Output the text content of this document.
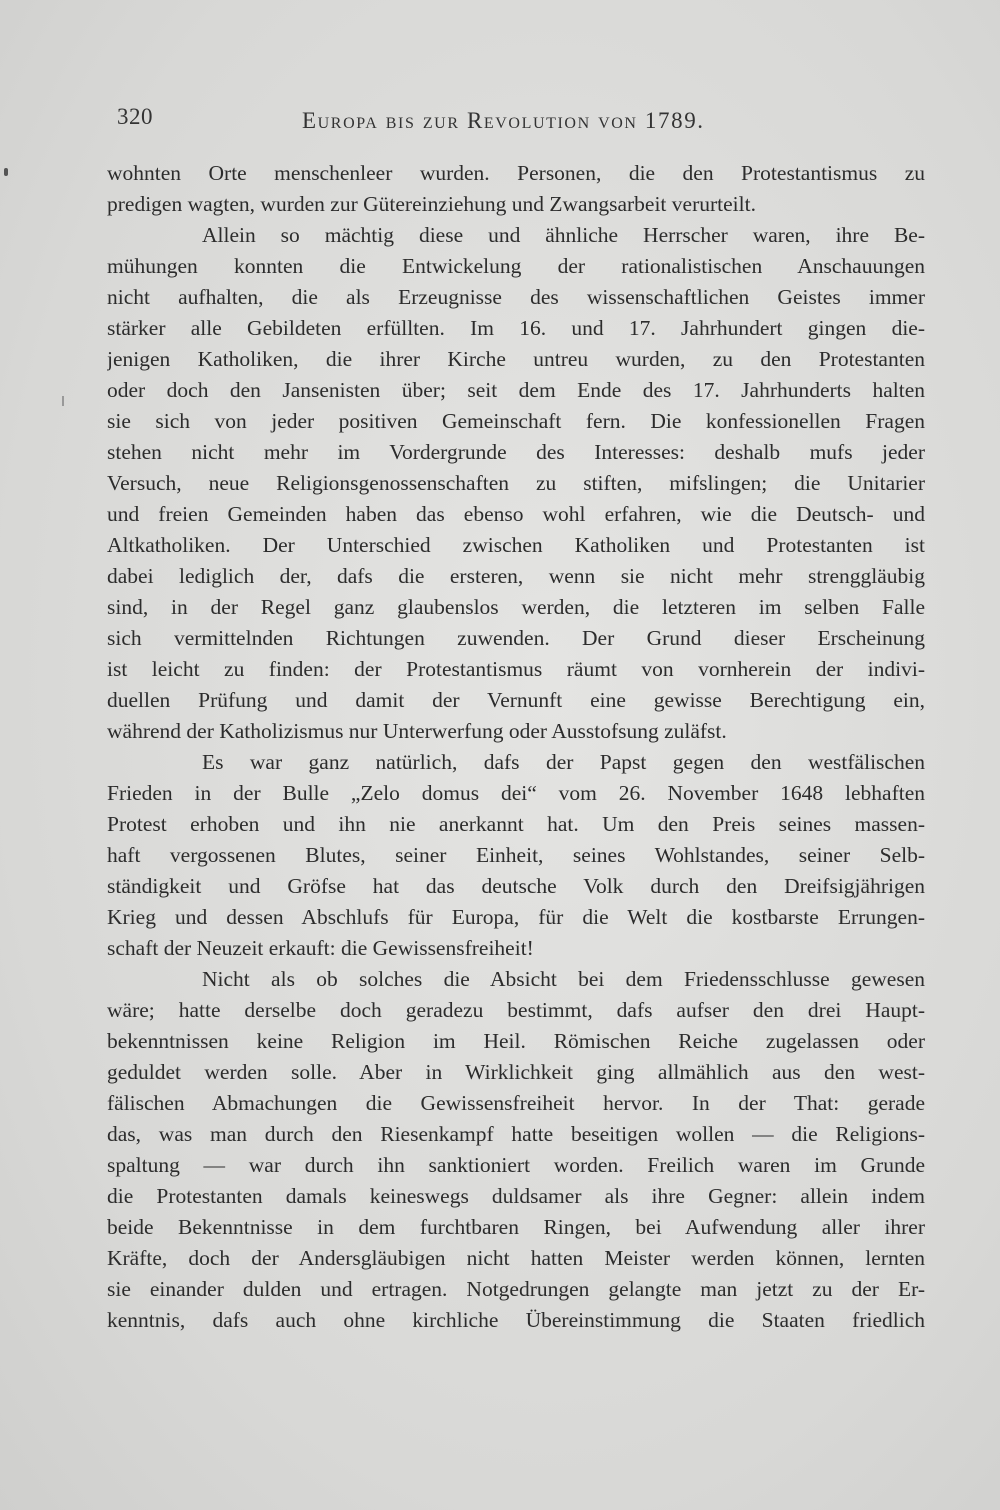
320	Europa bis zur Revolution von 1789.
wohnten Orte menschenleer wurden. Personen, die den Protestantismus zu
predigen wagten, wurden zur Gütereinziehung und Zwangsarbeit verurteilt.
Allein so mächtig diese und ähnliche Herrscher waren, ihre Be-
mühungen konnten die Entwickelung der rationalistischen Anschauungen
nicht aufhalten, die als Erzeugnisse des wissenschaftlichen Geistes immer
stärker alle Gebildeten erfüllten. Im 16. und 17. Jahrhundert gingen die-
jenigen Katholiken, die ihrer Kirche untreu wurden, zu den Protestanten
oder doch den Jansenisten über; seit dem Ende des 17. Jahrhunderts halten
sie sich von jeder positiven Gemeinschaft fern. Die konfessionellen Fragen
stehen nicht mehr im Vordergrunde des Interesses: deshalb mufs jeder
Versuch, neue Religionsgenossenschaften zu stiften, mifslingen; die Unitarier
und freien Gemeinden haben das ebenso wohl erfahren, wie die Deutsch- und
Altkatholiken. Der Unterschied zwischen Katholiken und Protestanten ist
dabei lediglich der, dafs die ersteren, wenn sie nicht mehr strenggläubig
sind, in der Regel ganz glaubenslos werden, die letzteren im selben Falle
sich vermittelnden Richtungen zuwenden. Der Grund dieser Erscheinung
ist leicht zu finden: der Protestantismus räumt von vornherein der indivi-
duellen Prüfung und damit der Vernunft eine gewisse Berechtigung ein,
während der Katholizismus nur Unterwerfung oder Ausstofsung zuläfst.
Es war ganz natürlich, dafs der Papst gegen den westfälischen
Frieden in der Bulle „Zelo domus dei“ vom 26. November 1648 lebhaften
Protest erhoben und ihn nie anerkannt hat. Um den Preis seines massen-
haft vergossenen Blutes, seiner Einheit, seines Wohlstandes, seiner Selb-
ständigkeit und Gröfse hat das deutsche Volk durch den Dreifsigjährigen
Krieg und dessen Abschlufs für Europa, für die Welt die kostbarste Errungen-
schaft der Neuzeit erkauft: die Gewissensfreiheit!
Nicht als ob solches die Absicht bei dem Friedensschlusse gewesen
wäre; hatte derselbe doch geradezu bestimmt, dafs aufser den drei Haupt-
bekenntnissen keine Religion im Heil. Römischen Reiche zugelassen oder
geduldet werden solle. Aber in Wirklichkeit ging allmählich aus den west-
fälischen Abmachungen die Gewissensfreiheit hervor. In der That: gerade
das, was man durch den Riesenkampf hatte beseitigen wollen — die Religions-
spaltung — war durch ihn sanktioniert worden. Freilich waren im Grunde
die Protestanten damals keineswegs duldsamer als ihre Gegner: allein indem
beide Bekenntnisse in dem furchtbaren Ringen, bei Aufwendung aller ihrer
Kräfte, doch der Andersgläubigen nicht hatten Meister werden können, lernten
sie einander dulden und ertragen. Notgedrungen gelangte man jetzt zu der Er-
kenntnis, dafs auch ohne kirchliche Übereinstimmung die Staaten friedlich
